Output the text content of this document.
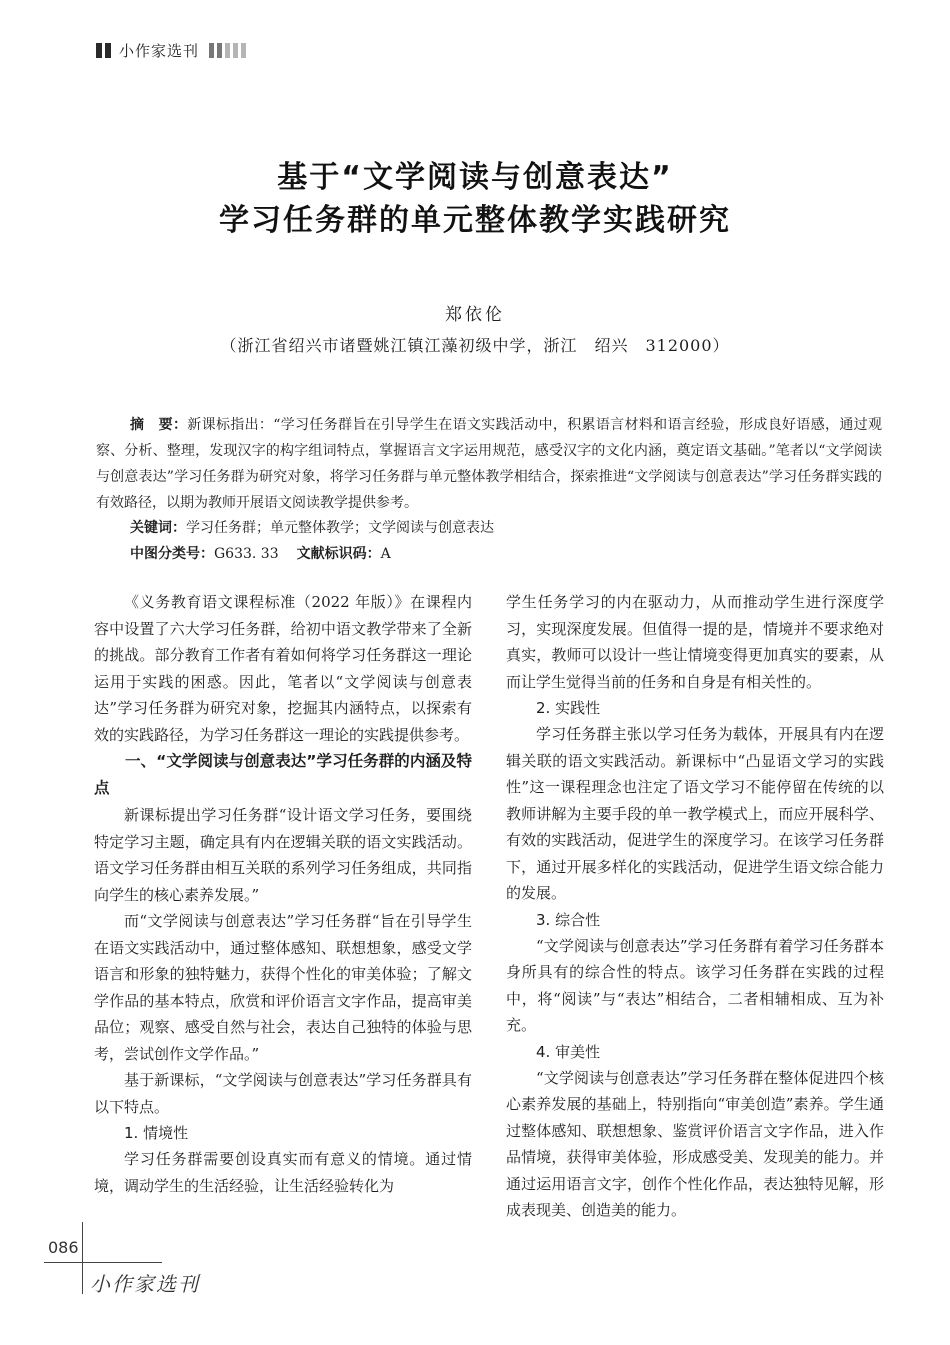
小作家选刊
基于“文学阅读与创意表达”
学习任务群的单元整体教学实践研究
郑依伦
（浙江省绍兴市诸暨姚江镇江藻初级中学，浙江　绍兴　312000）
摘　要：新课标指出：“学习任务群旨在引导学生在语文实践活动中，积累语言材料和语言经验，形成良好语感，通过观察、分析、整理，发现汉字的构字组词特点，掌握语言文字运用规范，感受汉字的文化内涵，奠定语文基础。”笔者以“文学阅读与创意表达”学习任务群为研究对象，将学习任务群与单元整体教学相结合，探索推进“文学阅读与创意表达”学习任务群实践的有效路径，以期为教师开展语文阅读教学提供参考。
关键词：学习任务群；单元整体教学；文学阅读与创意表达
中图分类号：G633. 33 文献标识码：A

《义务教育语文课程标准（2022 年版）》在课程内容中设置了六大学习任务群，给初中语文教学带来了全新的挑战。部分教育工作者有着如何将学习任务群这一理论运用于实践的困惑。因此，笔者以“文学阅读与创意表达”学习任务群为研究对象，挖掘其内涵特点，以探索有效的实践路径，为学习任务群这一理论的实践提供参考。

一、“文学阅读与创意表达”学习任务群的内涵及特点

新课标提出学习任务群“设计语文学习任务，要围绕特定学习主题，确定具有内在逻辑关联的语文实践活动。语文学习任务群由相互关联的系列学习任务组成，共同指向学生的核心素养发展。”

而“文学阅读与创意表达”学习任务群“旨在引导学生在语文实践活动中，通过整体感知、联想想象，感受文学语言和形象的独特魅力，获得个性化的审美体验；了解文学作品的基本特点，欣赏和评价语言文字作品，提高审美品位；观察、感受自然与社会，表达自己独特的体验与思考，尝试创作文学作品。”

基于新课标，“文学阅读与创意表达”学习任务群具有以下特点。

1. 情境性

学习任务群需要创设真实而有意义的情境。通过情境，调动学生的生活经验，让生活经验转化为

学生任务学习的内在驱动力，从而推动学生进行深度学习，实现深度发展。但值得一提的是，情境并不要求绝对真实，教师可以设计一些让情境变得更加真实的要素，从而让学生觉得当前的任务和自身是有相关性的。

2. 实践性

学习任务群主张以学习任务为载体，开展具有内在逻辑关联的语文实践活动。新课标中“凸显语文学习的实践性”这一课程理念也注定了语文学习不能停留在传统的以教师讲解为主要手段的单一教学模式上，而应开展科学、有效的实践活动，促进学生的深度学习。在该学习任务群下，通过开展多样化的实践活动，促进学生语文综合能力的发展。

3. 综合性

“文学阅读与创意表达”学习任务群有着学习任务群本身所具有的综合性的特点。该学习任务群在实践的过程中，将“阅读”与“表达”相结合，二者相辅相成、互为补充。

4. 审美性

“文学阅读与创意表达”学习任务群在整体促进四个核心素养发展的基础上，特别指向“审美创造”素养。学生通过整体感知、联想想象、鉴赏评价语言文字作品，进入作品情境，获得审美体验，形成感受美、发现美的能力。并通过运用语言文字，创作个性化作品，表达独特见解，形成表现美、创造美的能力。

086
小作家选刊
